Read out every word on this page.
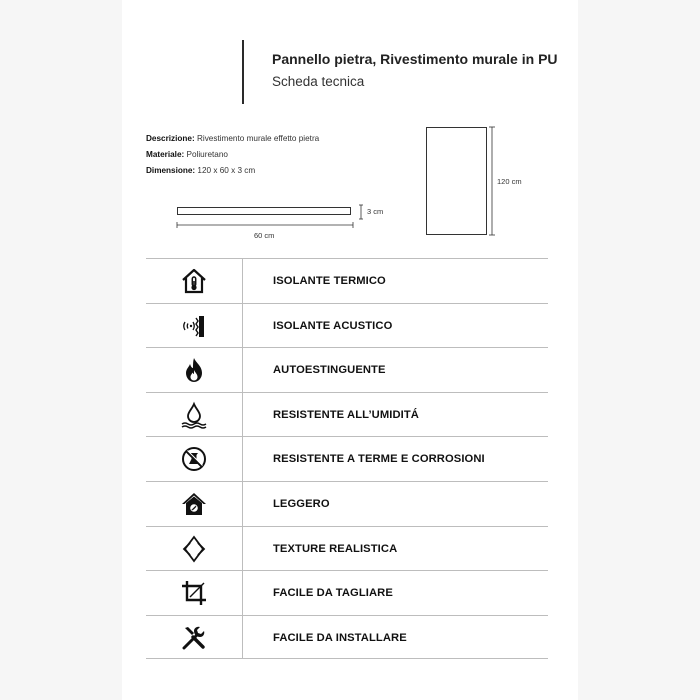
Pannello pietra, Rivestimento murale in PU
Scheda tecnica
Descrizione: Rivestimento murale effetto pietra
Materiale: Poliuretano
Dimensione: 120 x 60 x 3 cm
3 cm
60 cm
120 cm
ISOLANTE TERMICO
ISOLANTE ACUSTICO
AUTOESTINGUENTE
RESISTENTE ALL’UMIDITÁ
RESISTENTE A TERME E CORROSIONI
LEGGERO
TEXTURE REALISTICA
FACILE DA TAGLIARE
FACILE DA INSTALLARE
